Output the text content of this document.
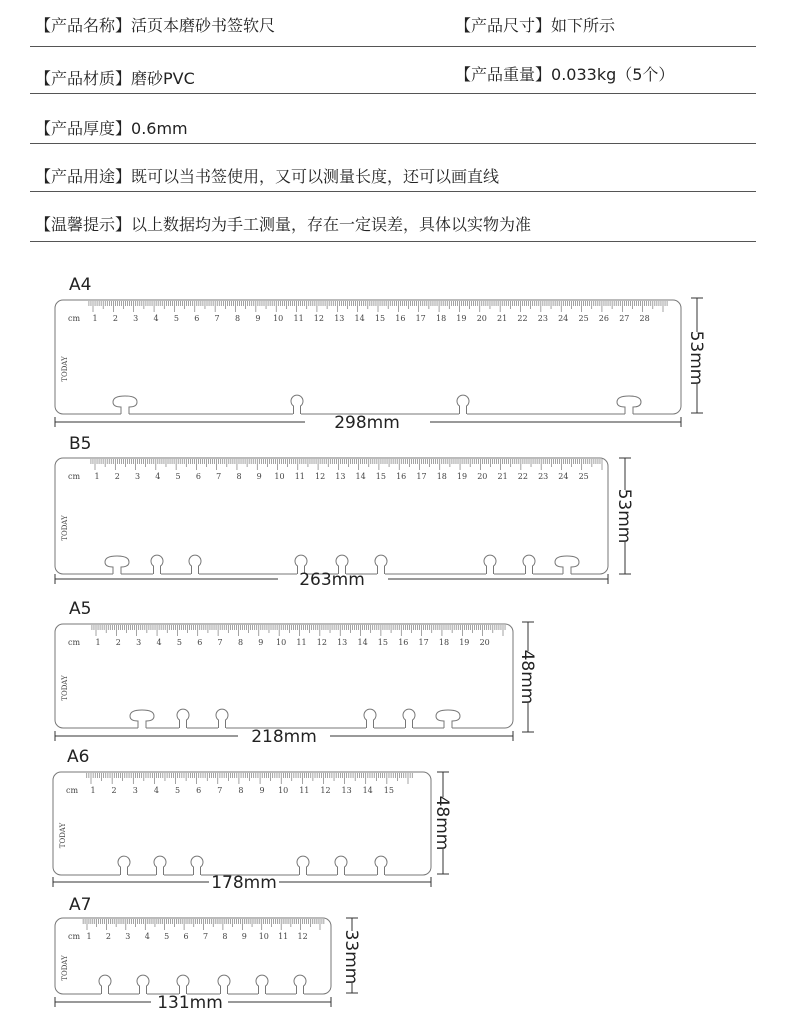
【产品名称】活页本磨砂书签软尺	【产品尺寸】如下所示
【产品材质】磨砂PVC	【产品重量】0.033kg（5个）
【产品厚度】0.6mm
【产品用途】既可以当书签使用，又可以测量长度，还可以画直线
【温馨提示】以上数据均为手工测量，存在一定误差，具体以实物为准
A4
1 2 3 4 5 6 7 8 9 10 11 12 13 14 15 16 17 18 19 20 21 22 23 24 25 26 27 28
cm
TODAY
298mm
53mm
B5
1 2 3 4 5 6 7 8 9 10 11 12 13 14 15 16 17 18 19 20 21 22 23 24 25
cm
TODAY
263mm
53mm
A5
1 2 3 4 5 6 7 8 9 10 11 12 13 14 15 16 17 18 19 20
cm
TODAY
218mm
48mm
A6
1 2 3 4 5 6 7 8 9 10 11 12 13 14 15
cm
TODAY
178mm
48mm
A7
1 2 3 4 5 6 7 8 9 10 11 12
cm
TODAY
131mm
33mm
